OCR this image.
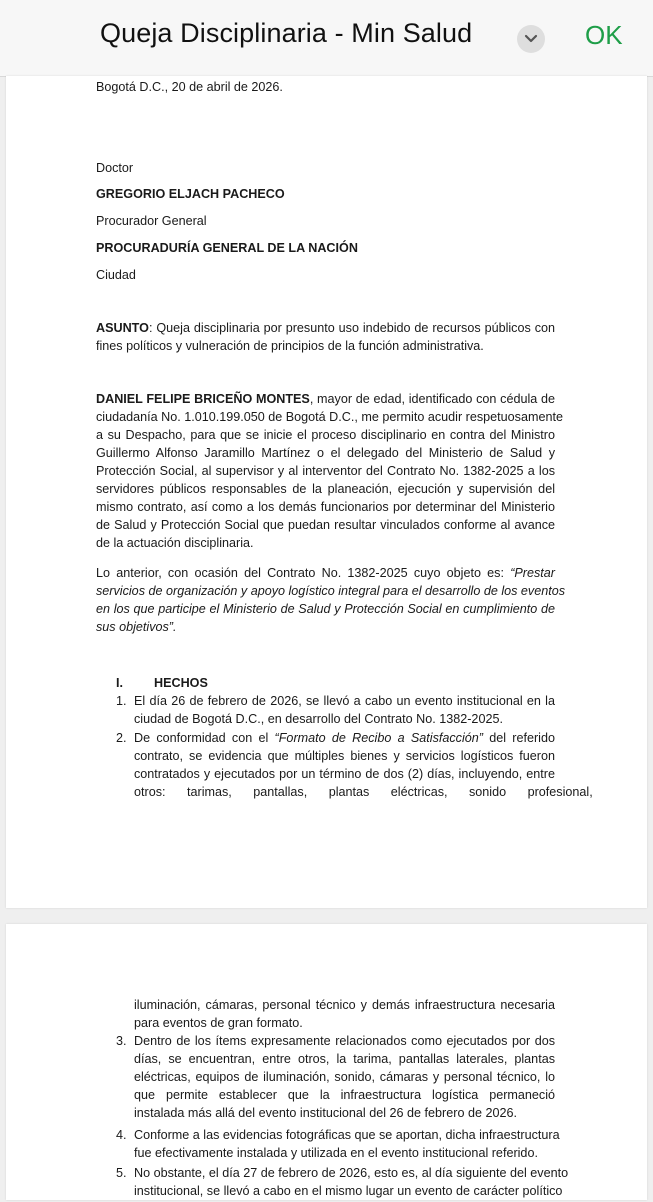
Queja Disciplinaria - Min Salud	OK
Bogotá D.C., 20 de abril de 2026.
Doctor
GREGORIO ELJACH PACHECO
Procurador General
PROCURADURÍA GENERAL DE LA NACIÓN
Ciudad
ASUNTO: Queja disciplinaria por presunto uso indebido de recursos públicos con
fines políticos y vulneración de principios de la función administrativa.
DANIEL FELIPE BRICEÑO MONTES, mayor de edad, identificado con cédula de
ciudadanía No. 1.010.199.050 de Bogotá D.C., me permito acudir respetuosamente
a su Despacho, para que se inicie el proceso disciplinario en contra del Ministro
Guillermo Alfonso Jaramillo Martínez o el delegado del Ministerio de Salud y
Protección Social, al supervisor y al interventor del Contrato No. 1382-2025 a los
servidores públicos responsables de la planeación, ejecución y supervisión del
mismo contrato, así como a los demás funcionarios por determinar del Ministerio
de Salud y Protección Social que puedan resultar vinculados conforme al avance
de la actuación disciplinaria.
Lo anterior, con ocasión del Contrato No. 1382-2025 cuyo objeto es: “Prestar
servicios de organización y apoyo logístico integral para el desarrollo de los eventos
en los que participe el Ministerio de Salud y Protección Social en cumplimiento de
sus objetivos”.
I. HECHOS
1. El día 26 de febrero de 2026, se llevó a cabo un evento institucional en la
ciudad de Bogotá D.C., en desarrollo del Contrato No. 1382-2025.
2. De conformidad con el “Formato de Recibo a Satisfacción” del referido
contrato, se evidencia que múltiples bienes y servicios logísticos fueron
contratados y ejecutados por un término de dos (2) días, incluyendo, entre
otros: tarimas, pantallas, plantas eléctricas, sonido profesional,
iluminación, cámaras, personal técnico y demás infraestructura necesaria
para eventos de gran formato.
3. Dentro de los ítems expresamente relacionados como ejecutados por dos
días, se encuentran, entre otros, la tarima, pantallas laterales, plantas
eléctricas, equipos de iluminación, sonido, cámaras y personal técnico, lo
que permite establecer que la infraestructura logística permaneció
instalada más allá del evento institucional del 26 de febrero de 2026.
4. Conforme a las evidencias fotográficas que se aportan, dicha infraestructura
fue efectivamente instalada y utilizada en el evento institucional referido.
5. No obstante, el día 27 de febrero de 2026, esto es, al día siguiente del evento
institucional, se llevó a cabo en el mismo lugar un evento de carácter político
